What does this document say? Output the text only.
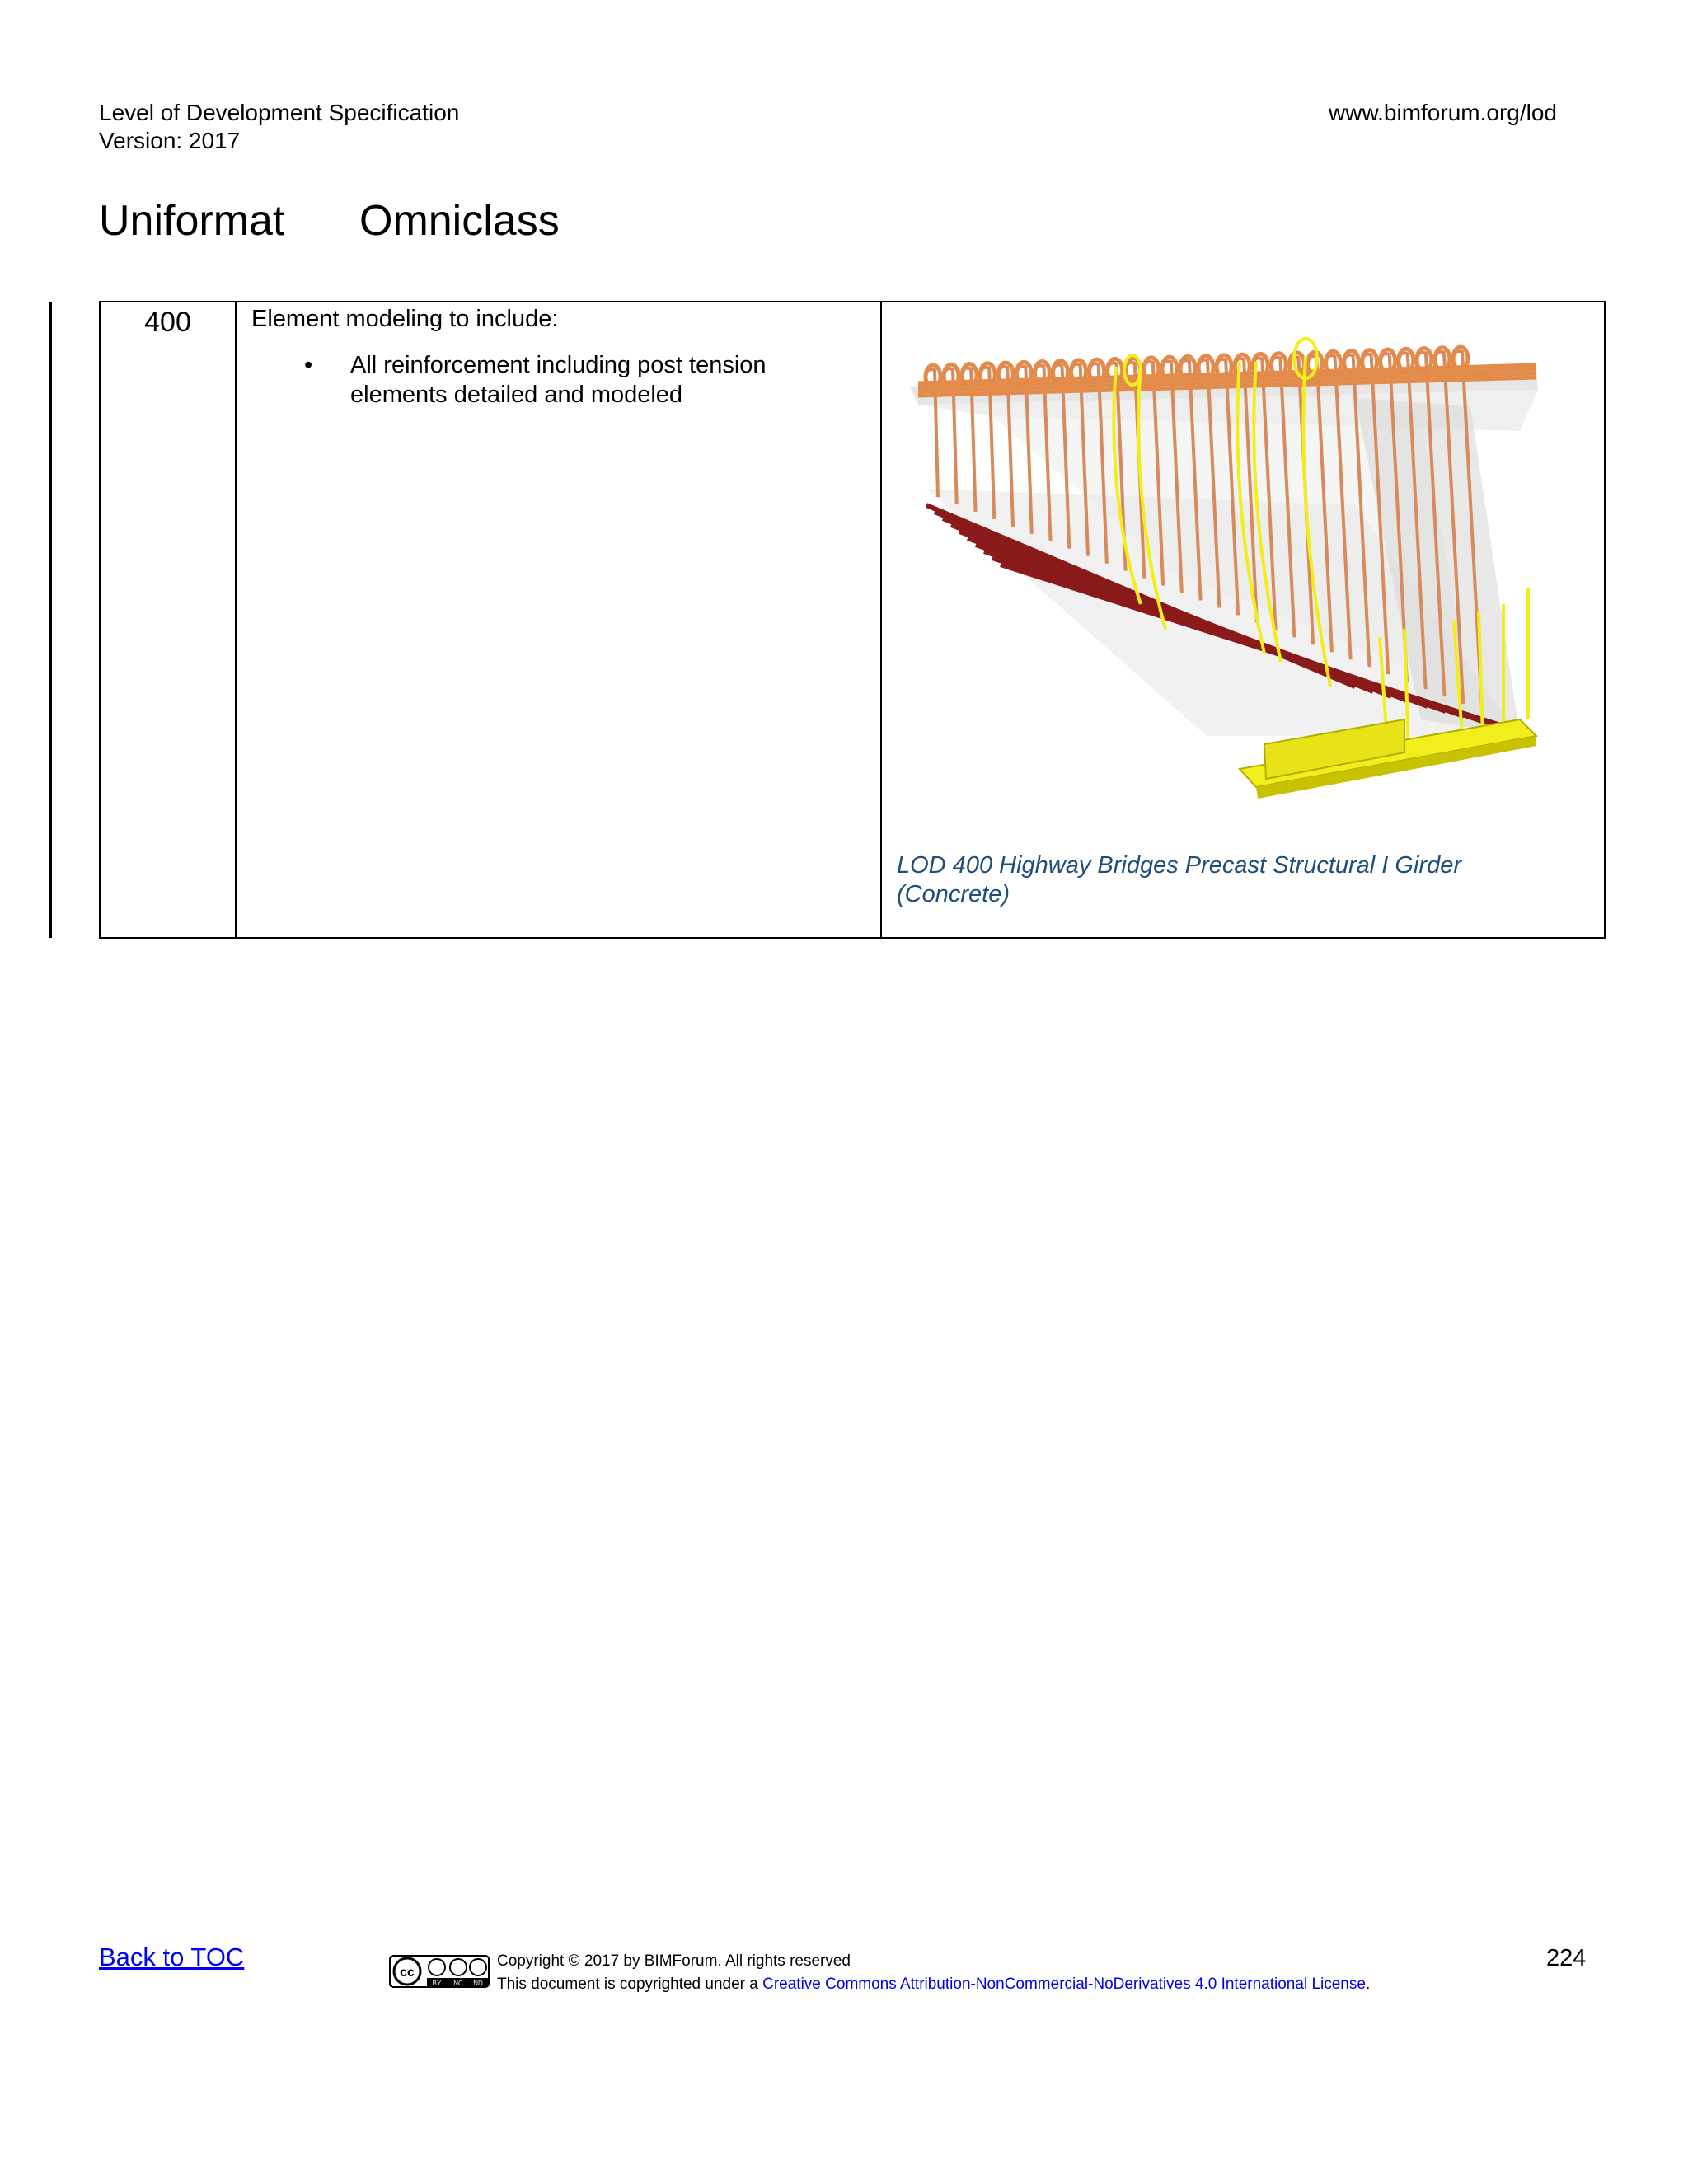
Level of Development Specification
Version: 2017
www.bimforum.org/lod
Uniformat Omniclass
400	Element modeling to include:
• All reinforcement including post tension elements detailed and modeled

LOD 400 Highway Bridges Precast Structural I Girder (Concrete)
Back to TOC
cc
BY NC ND
Copyright © 2017 by BIMForum. All rights reserved
This document is copyrighted under a Creative Commons Attribution-NonCommercial-NoDerivatives 4.0 International License.
224
